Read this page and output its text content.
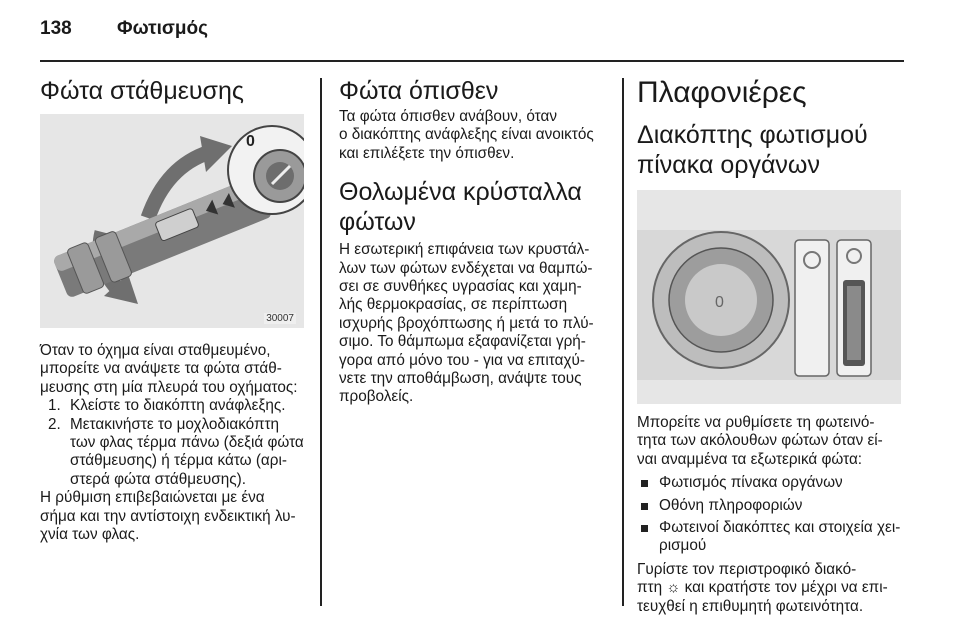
138 Φωτισμός
Φώτα στάθμευσης
0
30007

Όταν το όχημα είναι σταθμευμένο,

μπορείτε να ανάψετε τα φώτα στάθ-

μευσης στη μία πλευρά του οχήματος:

1. Κλείστε το διακόπτη ανάφλεξης.

2. Μετακινήστε το μοχλοδιακόπτη

των φλας τέρμα πάνω (δεξιά φώτα

στάθμευσης) ή τέρμα κάτω (αρι-

στερά φώτα στάθμευσης).

Η ρύθμιση επιβεβαιώνεται με ένα

σήμα και την αντίστοιχη ενδεικτική λυ-

χνία των φλας.

Φώτα όπισθεν

Τα φώτα όπισθεν ανάβουν, όταν

ο διακόπτης ανάφλεξης είναι ανοικτός

και επιλέξετε την όπισθεν.

Θολωμένα κρύσταλλα
φώτων

Η εσωτερική επιφάνεια των κρυστάλ-

λων των φώτων ενδέχεται να θαμπώ-

σει σε συνθήκες υγρασίας και χαμη-

λής θερμοκρασίας, σε περίπτωση

ισχυρής βροχόπτωσης ή μετά το πλύ-

σιμο. Το θάμπωμα εξαφανίζεται γρή-

γορα από μόνο του - για να επιταχύ-

νετε την αποθάμβωση, ανάψτε τους

προβολείς.

Πλαφονιέρες
Διακόπτης φωτισμού
πίνακα οργάνων
0

Μπορείτε να ρυθμίσετε τη φωτεινό-

τητα των ακόλουθων φώτων όταν εί-

ναι αναμμένα τα εξωτερικά φώτα:

Φωτισμός πίνακα οργάνων

Οθόνη πληροφοριών

Φωτεινοί διακόπτες και στοιχεία χει-

ρισμού

Γυρίστε τον περιστροφικό διακό-

πτη ☼ και κρατήστε τον μέχρι να επι-

τευχθεί η επιθυμητή φωτεινότητα.
